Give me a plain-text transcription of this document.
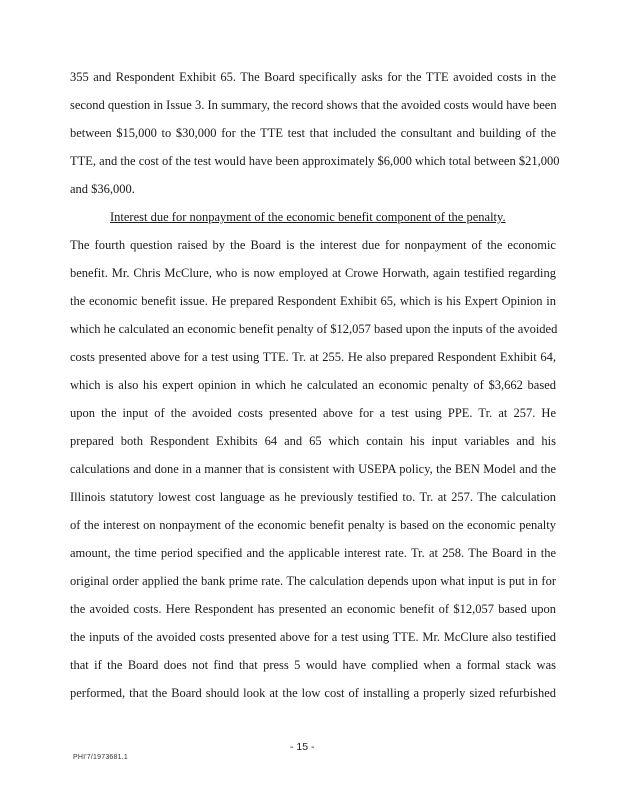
355 and Respondent Exhibit 65. The Board specifically asks for the TTE avoided costs in the
second question in Issue 3. In summary, the record shows that the avoided costs would have been
between $15,000 to $30,000 for the TTE test that included the consultant and building of the
TTE, and the cost of the test would have been approximately $6,000 which total between $21,000
and $36,000.
Interest due for nonpayment of the economic benefit component of the penalty.
The fourth question raised by the Board is the interest due for nonpayment of the economic
benefit. Mr. Chris McClure, who is now employed at Crowe Horwath, again testified regarding
the economic benefit issue. He prepared Respondent Exhibit 65, which is his Expert Opinion in
which he calculated an economic benefit penalty of $12,057 based upon the inputs of the avoided
costs presented above for a test using TTE. Tr. at 255. He also prepared Respondent Exhibit 64,
which is also his expert opinion in which he calculated an economic penalty of $3,662 based
upon the input of the avoided costs presented above for a test using PPE. Tr. at 257. He
prepared both Respondent Exhibits 64 and 65 which contain his input variables and his
calculations and done in a manner that is consistent with USEPA policy, the BEN Model and the
Illinois statutory lowest cost language as he previously testified to. Tr. at 257. The calculation
of the interest on nonpayment of the economic benefit penalty is based on the economic penalty
amount, the time period specified and the applicable interest rate. Tr. at 258. The Board in the
original order applied the bank prime rate. The calculation depends upon what input is put in for
the avoided costs. Here Respondent has presented an economic benefit of $12,057 based upon
the inputs of the avoided costs presented above for a test using TTE. Mr. McClure also testified
that if the Board does not find that press 5 would have complied when a formal stack was
performed, that the Board should look at the low cost of installing a properly sized refurbished
- 15 -
PHI'7/1973681.1
